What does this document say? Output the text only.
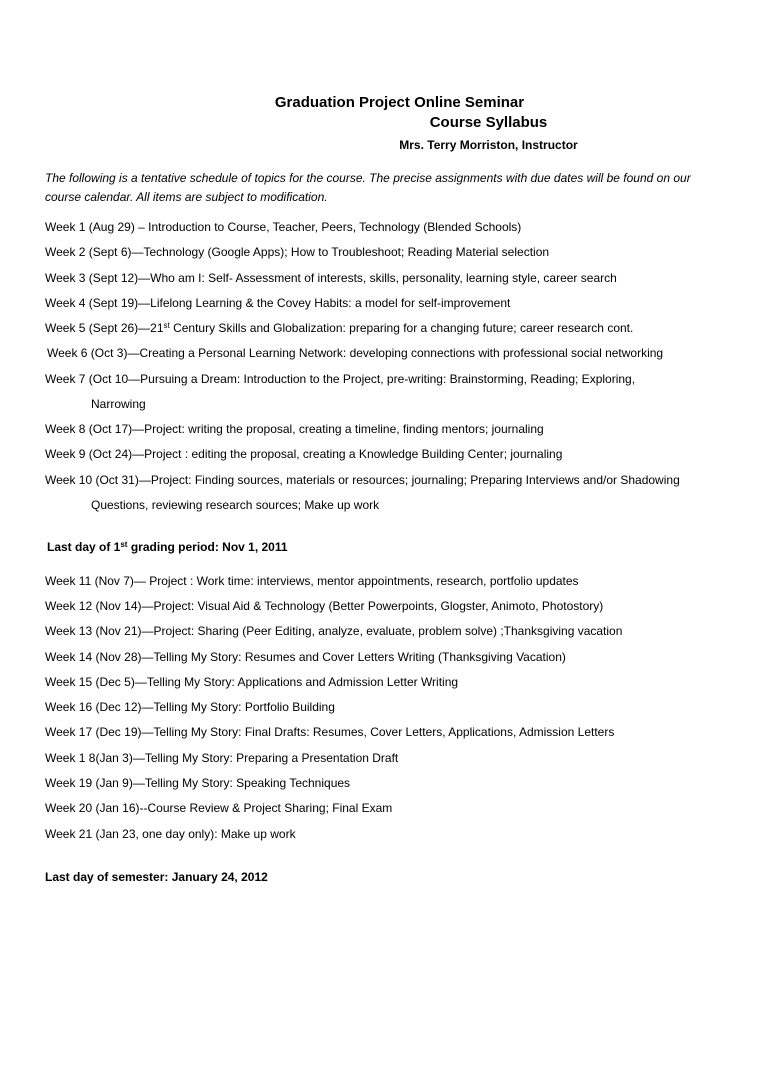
Graduation Project Online Seminar
Course Syllabus
Mrs. Terry Morriston, Instructor

The following is a tentative schedule of topics for the course. The precise assignments with due dates will be found on our course calendar. All items are subject to modification.

Week 1 (Aug 29) – Introduction to Course, Teacher, Peers, Technology (Blended Schools)
Week 2 (Sept 6)—Technology (Google Apps); How to Troubleshoot; Reading Material selection
Week 3 (Sept 12)—Who am I: Self- Assessment of interests, skills, personality, learning style, career search
Week 4 (Sept 19)—Lifelong Learning & the Covey Habits: a model for self-improvement
Week 5 (Sept 26)—21st Century Skills and Globalization: preparing for a changing future; career research cont.
Week 6 (Oct 3)—Creating a Personal Learning Network: developing connections with professional social networking
Week 7 (Oct 10—Pursuing a Dream: Introduction to the Project, pre-writing: Brainstorming, Reading; Exploring,
Narrowing
Week 8 (Oct 17)—Project: writing the proposal, creating a timeline, finding mentors; journaling
Week 9 (Oct 24)—Project : editing the proposal, creating a Knowledge Building Center; journaling
Week 10 (Oct 31)—Project: Finding sources, materials or resources; journaling; Preparing Interviews and/or Shadowing
Questions, reviewing research sources; Make up work
Last day of 1st grading period: Nov 1, 2011
Week 11 (Nov 7)— Project : Work time: interviews, mentor appointments, research, portfolio updates
Week 12 (Nov 14)—Project: Visual Aid & Technology (Better Powerpoints, Glogster, Animoto, Photostory)
Week 13 (Nov 21)—Project: Sharing (Peer Editing, analyze, evaluate, problem solve) ;Thanksgiving vacation
Week 14 (Nov 28)—Telling My Story: Resumes and Cover Letters Writing (Thanksgiving Vacation)
Week 15 (Dec 5)—Telling My Story: Applications and Admission Letter Writing
Week 16 (Dec 12)—Telling My Story: Portfolio Building
Week 17 (Dec 19)—Telling My Story: Final Drafts: Resumes, Cover Letters, Applications, Admission Letters
Week 1 8(Jan 3)—Telling My Story: Preparing a Presentation Draft
Week 19 (Jan 9)—Telling My Story: Speaking Techniques
Week 20 (Jan 16)--Course Review & Project Sharing; Final Exam
Week 21 (Jan 23, one day only): Make up work
Last day of semester: January 24, 2012
